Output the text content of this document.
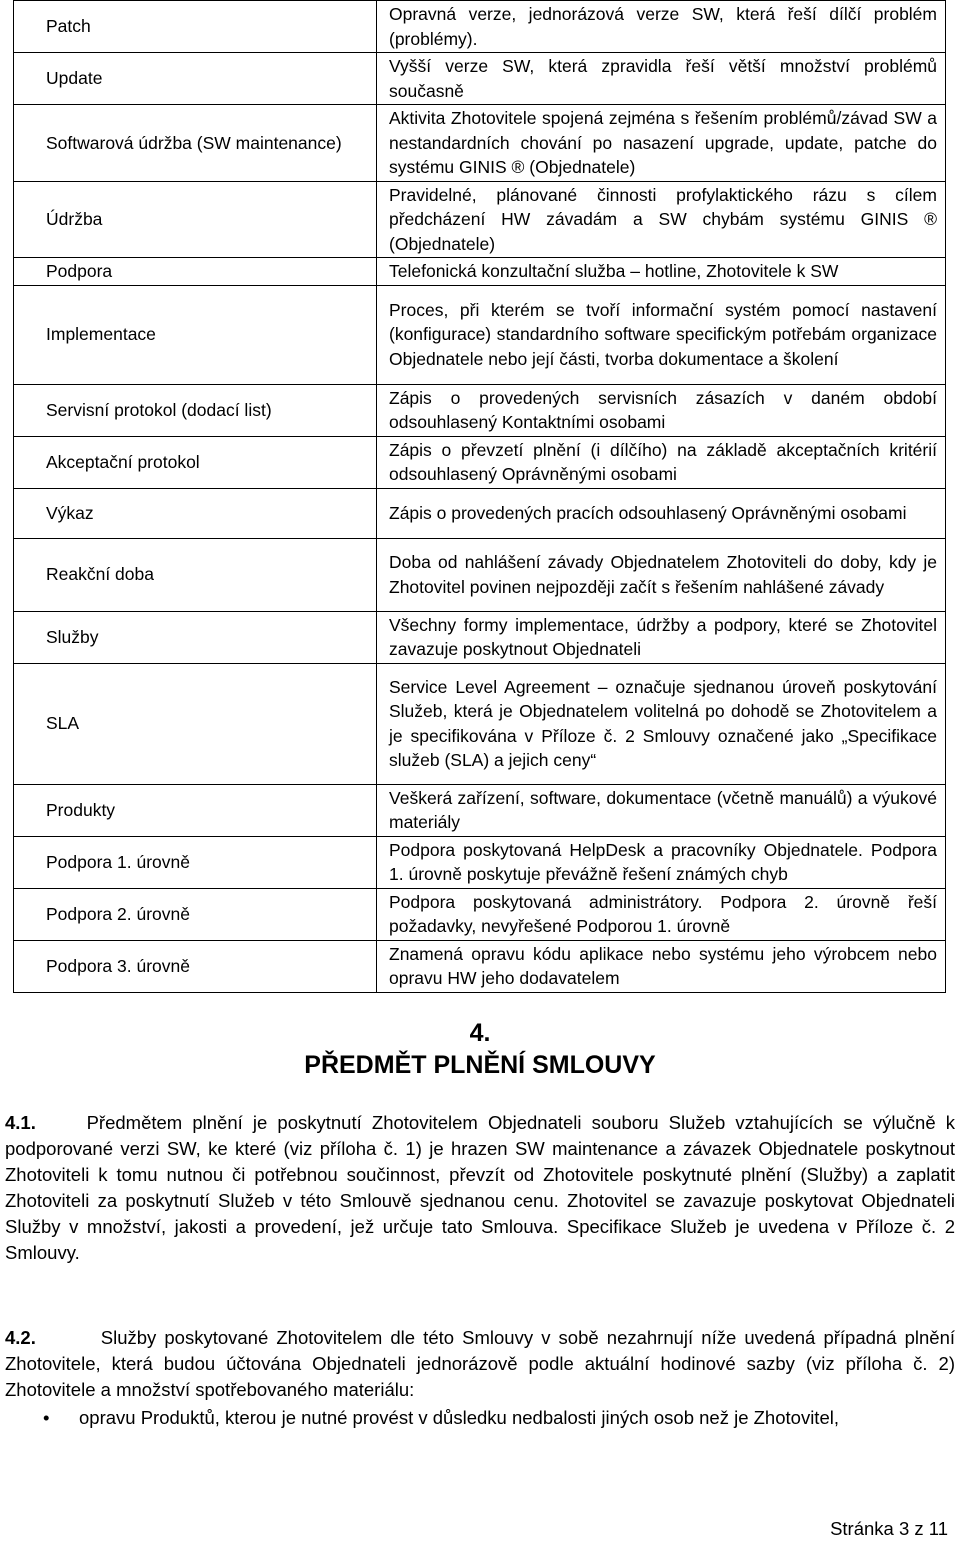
Patch	Opravná verze, jednorázová verze SW, která řeší dílčí problém (problémy).
Update	Vyšší verze SW, která zpravidla řeší větší množství problémů současně
Softwarová údržba (SW maintenance)	Aktivita Zhotovitele spojená zejména s řešením problémů/závad SW a nestandardních chování po nasazení upgrade, update, patche do systému GINIS ® (Objednatele)
Údržba	Pravidelné, plánované činnosti profylaktického rázu s cílem předcházení HW závadám a SW chybám systému GINIS ® (Objednatele)
Podpora	Telefonická konzultační služba – hotline, Zhotovitele k SW
Implementace	Proces, při kterém se tvoří informační systém pomocí nastavení (konfigurace) standardního software specifickým potřebám organizace Objednatele nebo její části, tvorba dokumentace a školení
Servisní protokol (dodací list)	Zápis o provedených servisních zásazích v daném období odsouhlasený Kontaktními osobami
Akceptační protokol	Zápis o převzetí plnění (i dílčího) na základě akceptačních kritérií odsouhlasený Oprávněnými osobami
Výkaz	Zápis o provedených pracích odsouhlasený Oprávněnými osobami
Reakční doba	Doba od nahlášení závady Objednatelem Zhotoviteli do doby, kdy je Zhotovitel povinen nejpozději začít s řešením nahlášené závady
Služby	Všechny formy implementace, údržby a podpory, které se Zhotovitel zavazuje poskytnout Objednateli
SLA	Service Level Agreement – označuje sjednanou úroveň poskytování Služeb, která je Objednatelem volitelná po dohodě se Zhotovitelem a je specifikována v Příloze č. 2 Smlouvy označené jako „Specifikace služeb (SLA) a jejich ceny“
Produkty	Veškerá zařízení, software, dokumentace (včetně manuálů) a výukové materiály
Podpora 1. úrovně	Podpora poskytovaná HelpDesk a pracovníky Objednatele. Podpora 1. úrovně poskytuje převážně řešení známých chyb
Podpora 2. úrovně	Podpora poskytovaná administrátory. Podpora 2. úrovně řeší požadavky, nevyřešené Podporou 1. úrovně
Podpora 3. úrovně	Znamená opravu kódu aplikace nebo systému jeho výrobcem nebo opravu HW jeho dodavatelem
4.
PŘEDMĚT PLNĚNÍ SMLOUVY
4.1.	Předmětem plnění je poskytnutí Zhotovitelem Objednateli souboru Služeb vztahujících se výlučně k podporované verzi SW, ke které (viz příloha č. 1) je hrazen SW maintenance a závazek Objednatele poskytnout Zhotoviteli k tomu nutnou či potřebnou součinnost, převzít od Zhotovitele poskytnuté plnění (Služby) a zaplatit Zhotoviteli za poskytnutí Služeb v této Smlouvě sjednanou cenu. Zhotovitel se zavazuje poskytovat Objednateli Služby v množství, jakosti a provedení, jež určuje tato Smlouva. Specifikace Služeb je uvedena v Příloze č. 2 Smlouvy.
4.2.	Služby poskytované Zhotovitelem dle této Smlouvy v sobě nezahrnují níže uvedená případná plnění Zhotovitele, která budou účtována Objednateli jednorázově podle aktuální hodinové sazby (viz příloha č. 2) Zhotovitele a množství spotřebovaného materiálu:
• opravu Produktů, kterou je nutné provést v důsledku nedbalosti jiných osob než je Zhotovitel,
Stránka 3 z 11
